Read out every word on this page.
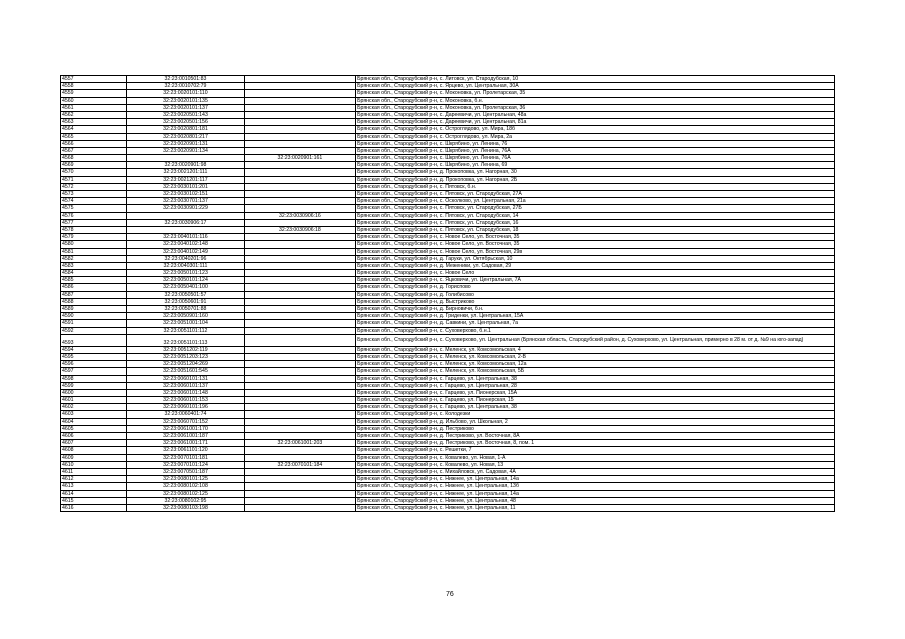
4557	32:23:0010501:83		Брянская обл., Стародубский р-н, с. Литовск, ул. Стародубская, 10
4558	32:23:0010702:79		Брянская обл., Стародубский р-н, с. Ярцево, ул. Центральная, 30А
4559	32:23:0020101:110		Брянская обл., Стародубский р-н, с. Моконовка, ул. Пролетарская, 35
4560	32:23:0020101:135		Брянская обл., Стародубский р-н, с. Моконовка, б.н.
4561	32:23:0020101:137		Брянская обл., Стародубский р-н, с. Моконовка, ул. Пролетарская, 36
4562	32:23:0020501:143		Брянская обл., Стародубский р-н, с. Дареевичи, ул. Центральная, 48а
4563	32:23:0020501:156		Брянская обл., Стародубский р-н, с. Дареевичи, ул. Центральная, 81а
4564	32:23:0020801:181		Брянская обл., Стародубский р-н, с. Остроглядово, ул. Мира, 18б
4565	32:23:0020801:217		Брянская обл., Стародубский р-н, с. Остроглядово, ул. Мира, 2а
4566	32:23:0020901:131		Брянская обл., Стародубский р-н, с. Шкрябино, ул. Ленина, 76
4567	32:23:0020901:134		Брянская обл., Стародубский р-н, с. Шкрябино, ул. Ленина, 76А
4568		32:23:0020901:161	Брянская обл., Стародубский р-н, с. Шкрябино, ул. Ленина, 76А
4569	32:23:0020901:98		Брянская обл., Стародубский р-н, с. Шкрябино, ул. Ленина, 69
4570	32:23:0021201:111		Брянская обл., Стародубский р-н, д. Прокоповка, ул. Нагорная, 30
4571	32:23:0021201:117		Брянская обл., Стародубский р-н, д. Прокоповка, ул. Нагорная, 2Б
4572	32:23:0030101:201		Брянская обл., Стародубский р-н, с. Пятовск, б.н.
4573	32:23:0030102:151		Брянская обл., Стародубский р-н, с. Пятовск, ул. Стародубская, 27А
4574	32:23:0030701:137		Брянская обл., Стародубский р-н, с. Осколково, ул. Центральная, 21а
4575	32:23:0030901:229		Брянская обл., Стародубский р-н, с. Пятовск, ул. Стародубская, 27Б
4576		32:23:0030906:16	Брянская обл., Стародубский р-н, с. Пятовск, ул. Стародубская, 14
4577	32:23:0030906:17		Брянская обл., Стародубский р-н, с. Пятовск, ул. Стародубская, 16
4578		32:23:0030906:18	Брянская обл., Стародубский р-н, с. Пятовск, ул. Стародубская, 18
4579	32:23:0040101:116		Брянская обл., Стародубский р-н, с. Новое Село, ул. Восточная, 35
4580	32:23:0040102:148		Брянская обл., Стародубский р-н, с. Новое Село, ул. Восточная, 35
4581	32:23:0040102:149		Брянская обл., Стародубский р-н, с. Новое Село, ул. Восточная, 29в
4582	32:23:0040201:96		Брянская обл., Стародубский р-н, д. Гаруки, ул. Октябрьская, 10
4583	32:23:0040301:111		Брянская обл., Стародубский р-н, д. Меженики, ул. Садовая, 29
4584	32:23:0050101:123		Брянская обл., Стародубский р-н, с. Новое Село
4585	32:23:0050101:124		Брянская обл., Стародубский р-н, с. Яцковичи, ул. Центральная, 7А
4586	32:23:0050401:100		Брянская обл., Стародубский р-н, д. Гориспово
4587	32:23:0050501:57		Брянская обл., Стародубский р-н, д. Голибисово
4588	32:23:0050601:91		Брянская обл., Стародубский р-н, д. Выстриково
4589	32:23:0050701:88		Брянская обл., Стародубский р-н, д. Бирновичи, б.н.
4590	32:23:0050901:160		Брянская обл., Стародубский р-н, д. Гриденки, ул. Центральная, 15А
4591	32:23:0051001:104		Брянская обл., Стародубский р-н, д. Савкини, ул. Центральная, 7а
4592	32:23:0051101:112		Брянская обл., Стародубский р-н, с. Суховерхово, б.н.1
4593	32:23:0051101:113		Брянская обл., Стародубский р-н, с. Суховерхово, ул. Центральная (Брянская область, Стародубский район, д. Суховерхово, ул. Центральная, примерно в 28 м. от д. №9 на юго-запад)
4594	32:23:0051202:119		Брянская обл., Стародубский р-н, с. Меленск, ул. Комсомольская, 4
4595	32:23:0051203:123		Брянская обл., Стародубский р-н, с. Меленск, ул. Комсомольская, 2-В
4596	32:23:0051204:269		Брянская обл., Стародубский р-н, с. Меленск, ул. Комсомольская, 12а
4597	32:23:0051601:545		Брянская обл., Стародубский р-н, с. Меленск, ул. Комсомольская, 5Б
4598	32:23:0060101:131		Брянская обл., Стародубский р-н, с. Гарцево, ул. Центральная, 38
4599	32:23:0060101:137		Брянская обл., Стародубский р-н, с. Гарцево, ул. Центральная, 28
4600	32:23:0060101:148		Брянская обл., Стародубский р-н, с. Гарцево, ул. Пионерская, 15А
4601	32:23:0060101:153		Брянская обл., Стародубский р-н, с. Гарцево, ул. Пионерская, 15
4602	32:23:0060101:196		Брянская обл., Стародубский р-н, с. Гарцево, ул. Центральная, 38
4603	32:23:0060401:74		Брянская обл., Стародубский р-н, с. Колодезки
4604	32:23:0060701:152		Брянская обл., Стародубский р-н, д. Ильбово, ул. Школьная, 2
4605	32:23:0061001:170		Брянская обл., Стародубский р-н, д. Пестриково
4606	32:23:0061001:187		Брянская обл., Стародубский р-н, д. Пестриково, ул. Восточная, 8А
4607	32:23:0061001:171	32:23:0061001:203	Брянская обл., Стародубский р-н, д. Пестриково, ул. Восточная, 8, пом. 1
4608	32:23:0061101:120		Брянская обл., Стародубский р-н, с. Решетки, 7
4609	32:23:0070101:181		Брянская обл., Стародубский р-н, с. Ковалево, ул. Новая, 1-А
4610	32:23:0070101:124	32:23:0070101:184	Брянская обл., Стародубский р-н, с. Ковалево, ул. Новая, 13
4611	32:23:0070501:187		Брянская обл., Стародубский р-н, с. Михайловск, ул. Садовая, 4А
4612	32:23:0080101:125		Брянская обл., Стародубский р-н, с. Нижнее, ул. Центральная, 14а
4613	32:23:0080102:108		Брянская обл., Стародубский р-н, с. Нижнее, ул. Центральная, 13б
4614	32:23:0080102:125		Брянская обл., Стародубский р-н, с. Нижнее, ул. Центральная, 14а
4615	32:23:0080102:95		Брянская обл., Стародубский р-н, с. Нижнее, ул. Центральная, 48
4616	32:23:0080103:198		Брянская обл., Стародубский р-н, с. Нижнее, ул. Центральная, 11
76
